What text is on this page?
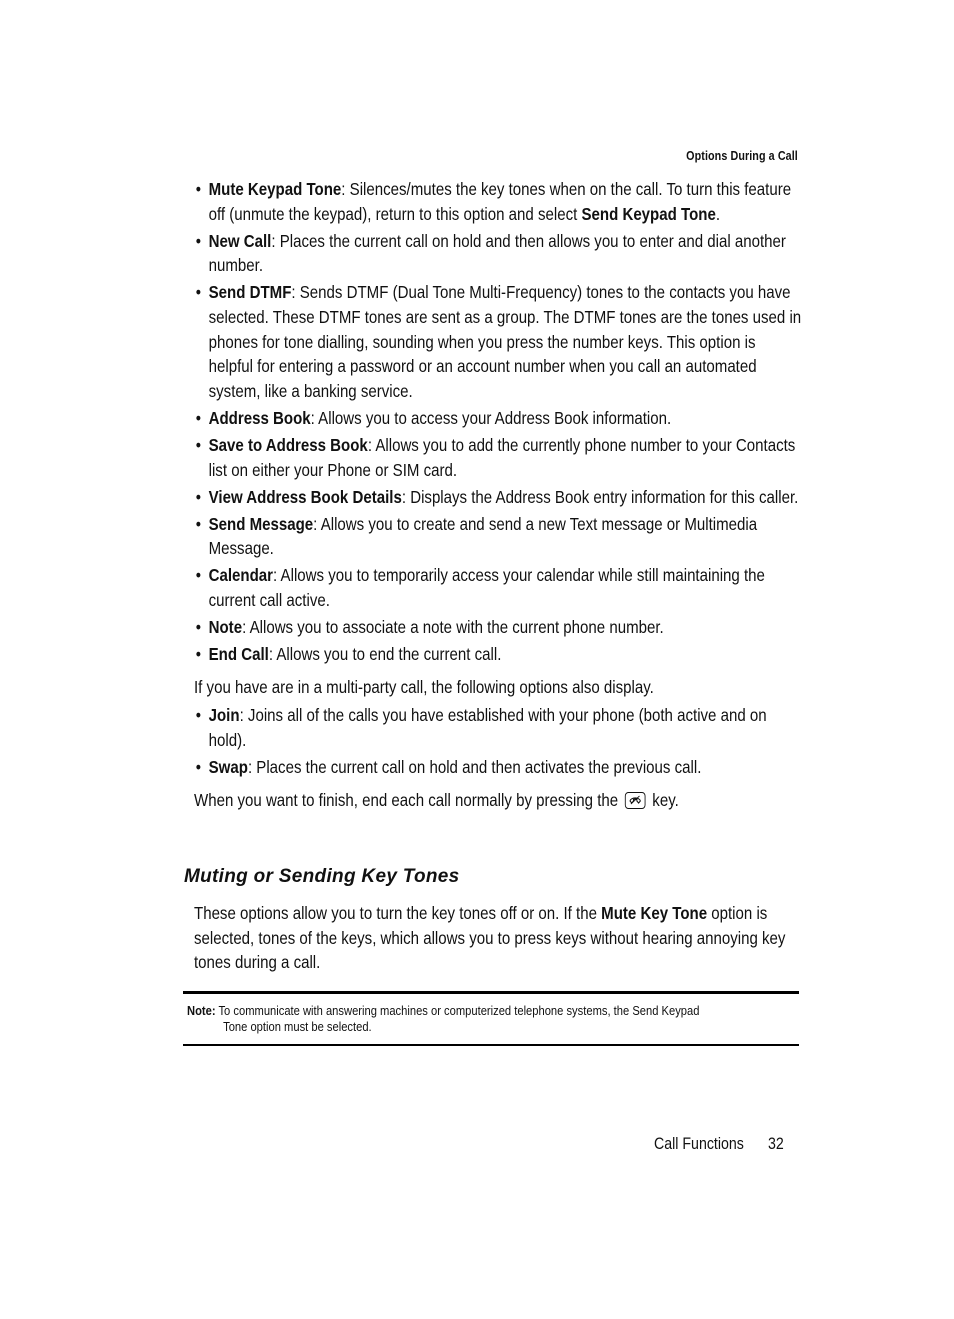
Options During a Call
• Mute Keypad Tone: Silences/mutes the key tones when on the call. To turn this feature off (unmute the keypad), return to this option and select Send Keypad Tone.
• New Call: Places the current call on hold and then allows you to enter and dial another number.
• Send DTMF: Sends DTMF (Dual Tone Multi-Frequency) tones to the contacts you have selected. These DTMF tones are sent as a group. The DTMF tones are the tones used in phones for tone dialling, sounding when you press the number keys. This option is helpful for entering a password or an account number when you call an automated system, like a banking service.
• Address Book: Allows you to access your Address Book information.
• Save to Address Book: Allows you to add the currently phone number to your Contacts list on either your Phone or SIM card.
• View Address Book Details: Displays the Address Book entry information for this caller.
• Send Message: Allows you to create and send a new Text message or Multimedia Message.
• Calendar: Allows you to temporarily access your calendar while still maintaining the current call active.
• Note: Allows you to associate a note with the current phone number.
• End Call: Allows you to end the current call.
If you have are in a multi-party call, the following options also display.
• Join: Joins all of the calls you have established with your phone (both active and on hold).
• Swap: Places the current call on hold and then activates the previous call.
When you want to finish, end each call normally by pressing the
key.
Muting or Sending Key Tones
These options allow you to turn the key tones off or on. If the Mute Key Tone option is selected, tones of the keys, which allows you to press keys without hearing annoying key tones during a call.
Note: To communicate with answering machines or computerized telephone systems, the Send Keypad
Tone option must be selected.
Call Functions 32
